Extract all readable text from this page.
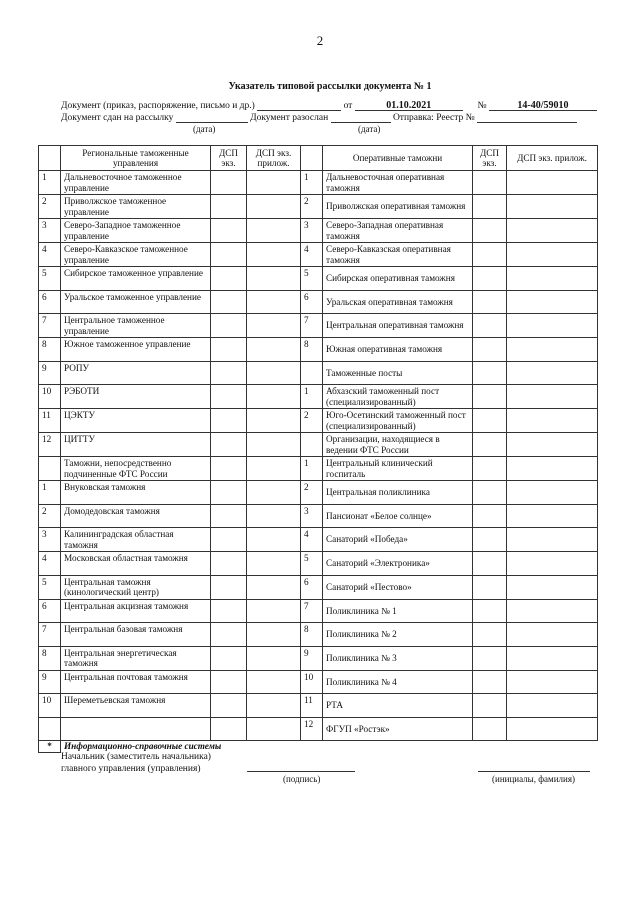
2
Указатель типовой рассылки документа № 1
Документ (приказ, распоряжение, письмо и др.)	от	01.10.2021	№	14-40/59010
Документ сдан на рассылку	Документ разослан	Отправка: Реестр №
(дата)	(дата)
	Региональные таможенные управления	ДСП экз.	ДСП экз. прилож.		Оперативные таможни	ДСП экз.	ДСП экз. прилож.
1	Дальневосточное таможенное управление			1	Дальневосточная оперативная таможня		
2	Приволжское таможенное управление			2	Приволжская оперативная таможня		
3	Северо-Западное таможенное управление			3	Северо-Западная оперативная таможня		
4	Северо-Кавказское таможенное управление			4	Северо-Кавказская оперативная таможня		
5	Сибирское таможенное управление			5	Сибирская оперативная таможня		
6	Уральское таможенное управление			6	Уральская оперативная таможня		
7	Центральное таможенное управление			7	Центральная оперативная таможня		
8	Южное таможенное управление			8	Южная оперативная таможня		
9	РОПУ				Таможенные посты		
10	РЭБОТИ			1	Абхазский таможенный пост (специализированный)		
11	ЦЭКТУ			2	Юго-Осетинский таможенный пост (специализированный)		
12	ЦИТТУ				Организации, находящиеся в ведении ФТС России		
	Таможни, непосредственно подчиненные ФТС России			1	Центральный клинический госпиталь		
1	Внуковская таможня			2	Центральная поликлиника		
2	Домодедовская таможня			3	Пансионат «Белое солнце»		
3	Калининградская областная таможня			4	Санаторий «Победа»		
4	Московская областная таможня			5	Санаторий «Электроника»		
5	Центральная таможня (кинологический центр)			6	Санаторий «Пестово»		
6	Центральная акцизная таможня			7	Поликлиника № 1		
7	Центральная базовая таможня			8	Поликлиника № 2		
8	Центральная энергетическая таможня			9	Поликлиника № 3		
9	Центральная почтовая таможня			10	Поликлиника № 4		
10	Шереметьевская таможня			11	РТА		
				12	ФГУП «Ростэк»		
*	Информационно-справочные системы						
Начальник (заместитель начальника)
главного управления (управления)
(подпись)	(инициалы, фамилия)
